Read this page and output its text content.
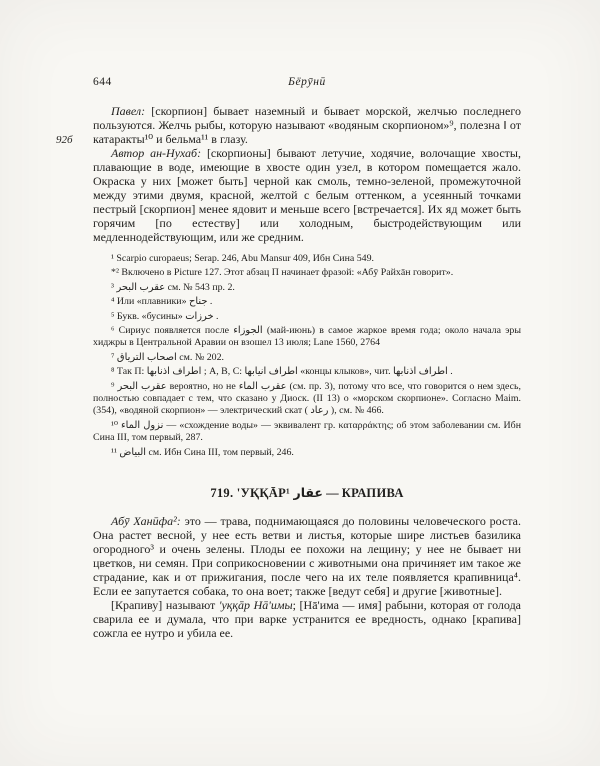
644	Бёрӯнӣ
92б

Павел: [скорпион] бывает наземный и бывает морской, желчью последнего пользуются. Желчь рыбы, которую называют «водяным скорпионом»⁹, полезна ‖ от катаракты¹⁰ и бельма¹¹ в глазу.

Автор ан-Нухаб: [скорпионы] бывают летучие, ходячие, волочащие хвосты, плавающие в воде, имеющие в хвосте один узел, в котором помещается жало. Окраска у них [может быть] черной как смоль, темно-зеленой, промежуточной между этими двумя, красной, желтой с белым оттенком, а усеянный точками пестрый [скорпион] менее ядовит и меньше всего [встречается]. Их яд может быть горячим [по естеству] или холодным, быстродействующим или медленнодействующим, или же средним.

¹ Scarpio curopaeus; Serap. 246, Abu Mansur 409, Ибн Сина 549.

*² Включено в Picture 127. Этот абзац П начинает фразой: «Абӯ Райхāн говорит».

³ عقرب البحر см. № 543 пр. 2.

⁴ Или «плавники» جناح .

⁵ Букв. «бусины» خرزات .

⁶ Сириус появляется после الجوزاء (май-июнь) в самое жаркое время года; около начала эры хиджры в Центральной Аравии он взошел 13 июля; Lane 1560, 2764

⁷ اصحاب الترياق см. № 202.

⁸ Так П: اطراف اذنابها ; А, В, С: اطراف انيابها «концы клыков», чит. اطراف اذنابها .

⁹ عقرب البحر вероятно, но не عقرب الماء (см. пр. 3), потому что все, что говорится о нем здесь, полностью совпадает с тем, что сказано у Диоск. (II 13) о «морском скорпионе». Согласно Maim. (354), «водяной скорпион» — электрический скат ( رعاد ), см. № 466.

¹⁰ نزول الماء — «схождение воды» — эквивалент гр. καταρράκτης; об этом заболевании см. Ибн Сина III, том первый, 287.

¹¹ البياض см. Ибн Сина III, том первый, 246.

719. 'УҚҚĀР¹ عقار — КРАПИВА

Абӯ Ханӣфа²: это — трава, поднимающаяся до половины человеческого роста. Она растет весной, у нее есть ветви и листья, которые шире листьев базилика огородного³ и очень зелены. Плоды ее похожи на лещину; у нее не бывает ни цветков, ни семян. При соприкосновении с животными она причиняет им такое же страдание, как и от прижигания, после чего на их теле появляется крапивница⁴. Если ее запутается собака, то она воет; также [ведут себя] и другие [животные].

[Крапиву] называют 'уққāр Нā'имы; [Нā'има — имя] рабыни, которая от голода сварила ее и думала, что при варке устранится ее вредность, однако [крапива] сожгла ее нутро и убила ее.
